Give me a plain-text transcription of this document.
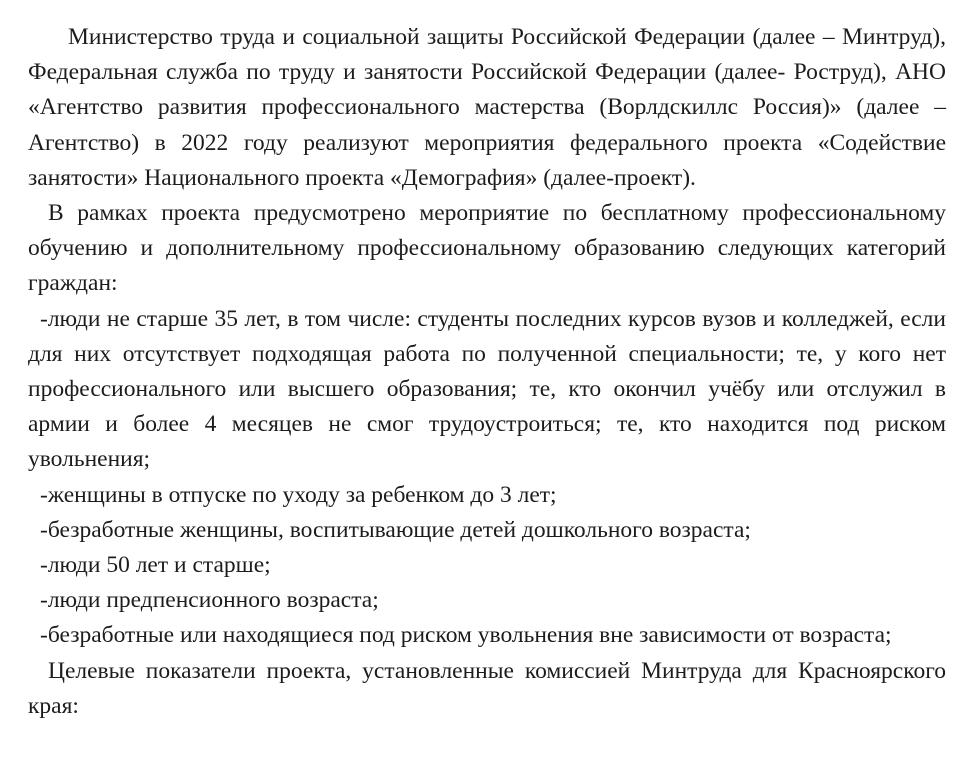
Министерство труда и социальной защиты Российской Федерации (далее – Минтруд), Федеральная служба по труду и занятости Российской Федерации (далее- Роструд), АНО «Агентство развития профессионального мастерства (Ворлдскиллс Россия)» (далее – Агентство) в 2022 году реализуют мероприятия федерального проекта «Содействие занятости» Национального проекта «Демография» (далее-проект).

В рамках проекта предусмотрено мероприятие по бесплатному профессиональному обучению и дополнительному профессиональному образованию следующих категорий граждан:

-люди не старше 35 лет, в том числе: студенты последних курсов вузов и колледжей, если для них отсутствует подходящая работа по полученной специальности; те, у кого нет профессионального или высшего образования; те, кто окончил учёбу или отслужил в армии и более 4 месяцев не смог трудоустроиться; те, кто находится под риском увольнения;

-женщины в отпуске по уходу за ребенком до 3 лет;

-безработные женщины, воспитывающие детей дошкольного возраста;

-люди 50 лет и старше;

-люди предпенсионного возраста;

-безработные или находящиеся под риском увольнения вне зависимости от возраста;

Целевые показатели проекта, установленные комиссией Минтруда для Красноярского края:
